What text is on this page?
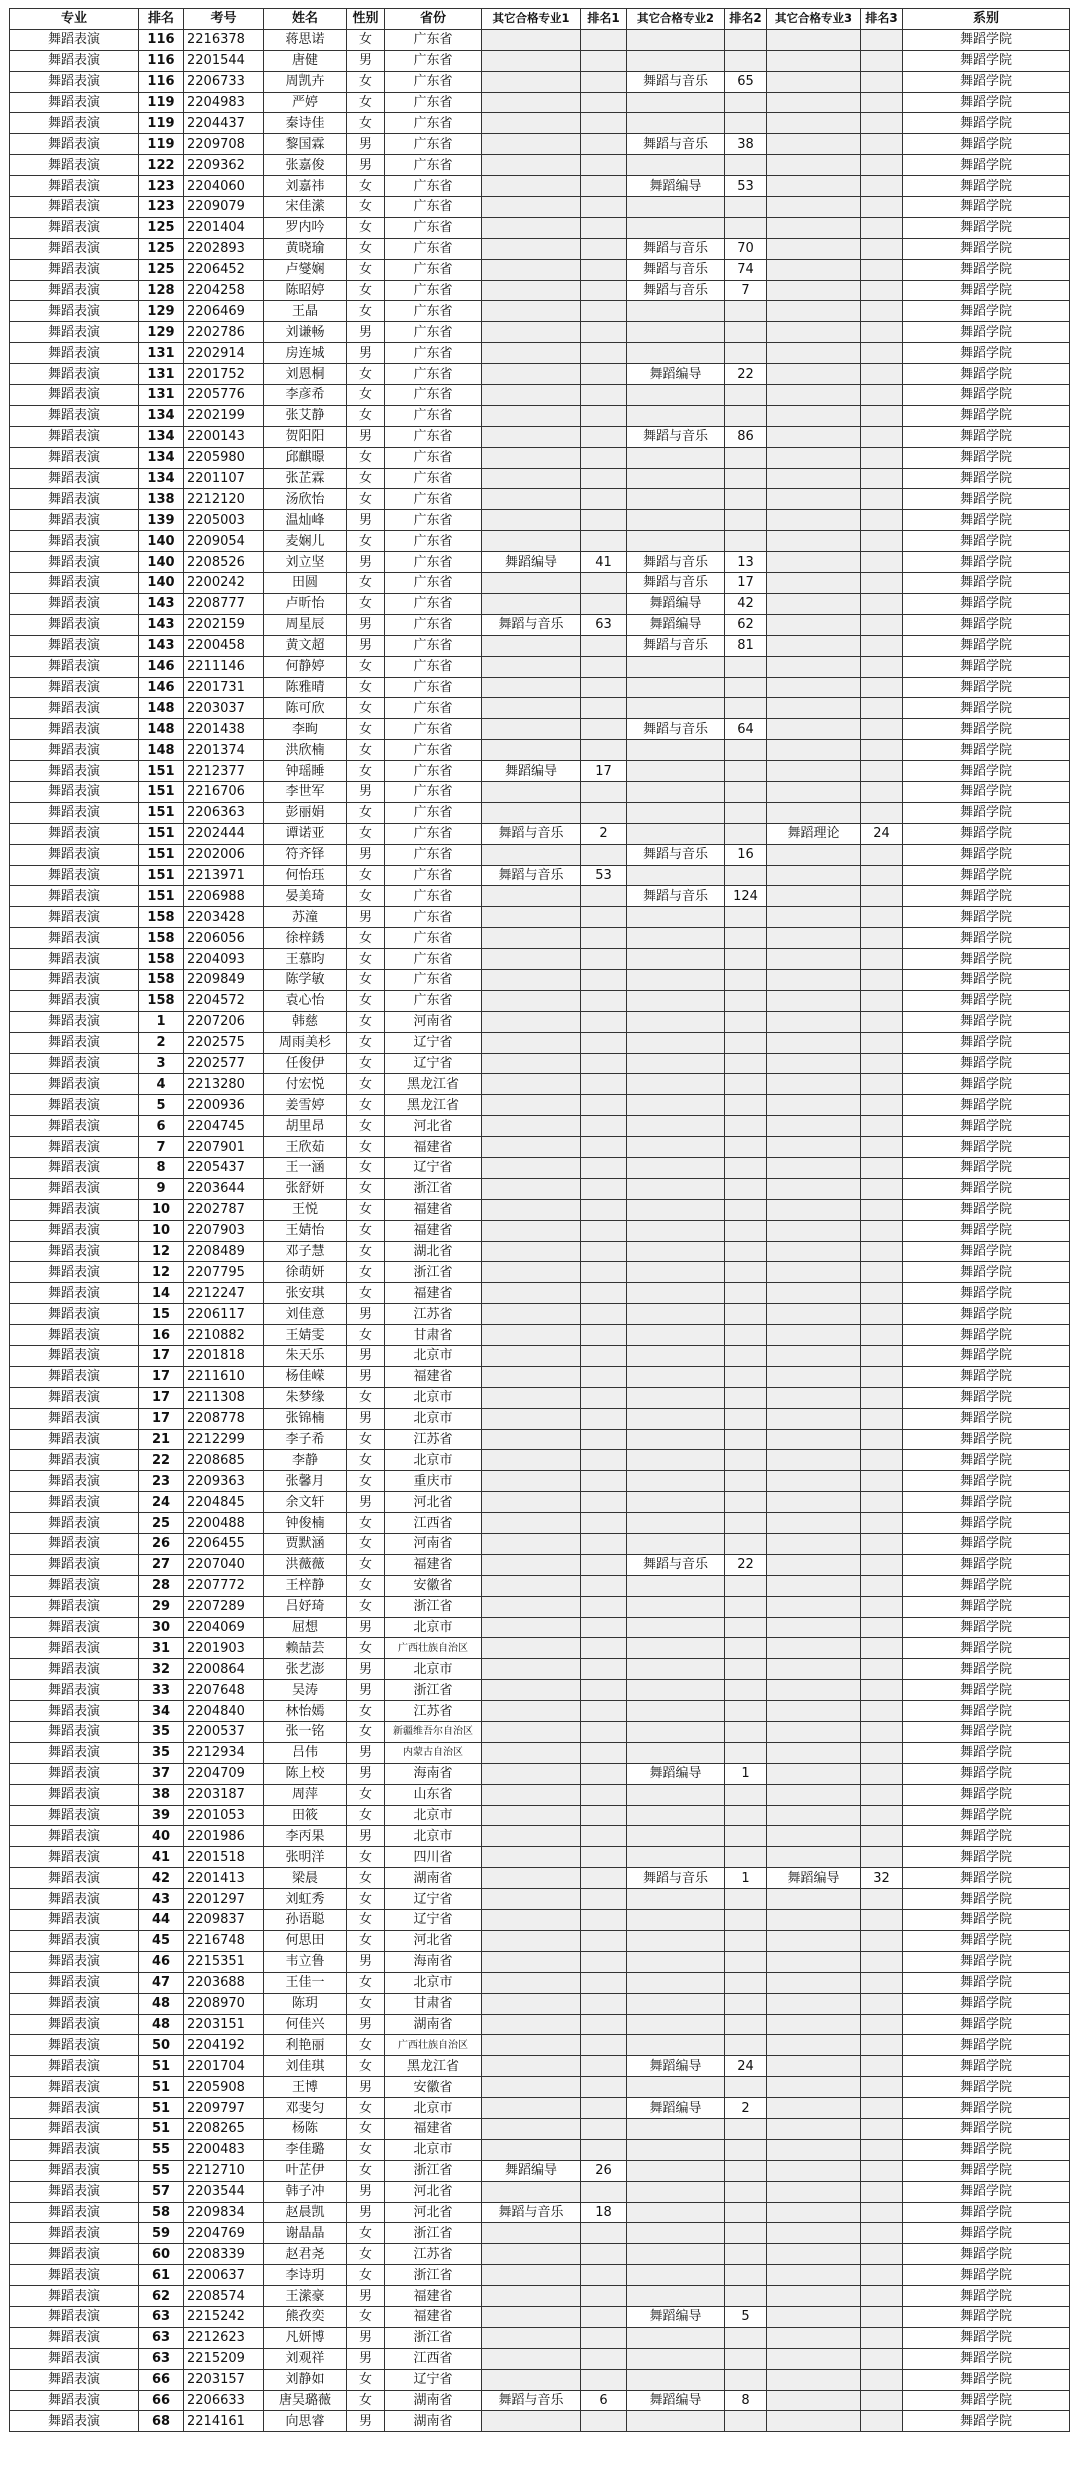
专业	排名	考号	姓名	性别	省份	其它合格专业1	排名1	其它合格专业2	排名2	其它合格专业3	排名3	系别
舞蹈表演	116	2216378	蒋思诺	女	广东省							舞蹈学院
舞蹈表演	116	2201544	唐健	男	广东省							舞蹈学院
舞蹈表演	116	2206733	周凯卉	女	广东省			舞蹈与音乐	65			舞蹈学院
舞蹈表演	119	2204983	严婷	女	广东省							舞蹈学院
舞蹈表演	119	2204437	秦诗佳	女	广东省							舞蹈学院
舞蹈表演	119	2209708	黎国霖	男	广东省			舞蹈与音乐	38			舞蹈学院
舞蹈表演	122	2209362	张嘉俊	男	广东省							舞蹈学院
舞蹈表演	123	2204060	刘嘉祎	女	广东省			舞蹈编导	53			舞蹈学院
舞蹈表演	123	2209079	宋佳潆	女	广东省							舞蹈学院
舞蹈表演	125	2201404	罗内吟	女	广东省							舞蹈学院
舞蹈表演	125	2202893	黄晓瑜	女	广东省			舞蹈与音乐	70			舞蹈学院
舞蹈表演	125	2206452	卢燮娴	女	广东省			舞蹈与音乐	74			舞蹈学院
舞蹈表演	128	2204258	陈昭婷	女	广东省			舞蹈与音乐	7			舞蹈学院
舞蹈表演	129	2206469	王晶	女	广东省							舞蹈学院
舞蹈表演	129	2202786	刘谦畅	男	广东省							舞蹈学院
舞蹈表演	131	2202914	房连城	男	广东省							舞蹈学院
舞蹈表演	131	2201752	刘恩桐	女	广东省			舞蹈编导	22			舞蹈学院
舞蹈表演	131	2205776	李彦希	女	广东省							舞蹈学院
舞蹈表演	134	2202199	张艾静	女	广东省							舞蹈学院
舞蹈表演	134	2200143	贺阳阳	男	广东省			舞蹈与音乐	86			舞蹈学院
舞蹈表演	134	2205980	邱麒暻	女	广东省							舞蹈学院
舞蹈表演	134	2201107	张芷霖	女	广东省							舞蹈学院
舞蹈表演	138	2212120	汤欣怡	女	广东省							舞蹈学院
舞蹈表演	139	2205003	温灿峰	男	广东省							舞蹈学院
舞蹈表演	140	2209054	麦娴儿	女	广东省							舞蹈学院
舞蹈表演	140	2208526	刘立坚	男	广东省	舞蹈编导	41	舞蹈与音乐	13			舞蹈学院
舞蹈表演	140	2200242	田圆	女	广东省			舞蹈与音乐	17			舞蹈学院
舞蹈表演	143	2208777	卢昕怡	女	广东省			舞蹈编导	42			舞蹈学院
舞蹈表演	143	2202159	周星辰	男	广东省	舞蹈与音乐	63	舞蹈编导	62			舞蹈学院
舞蹈表演	143	2200458	黄文超	男	广东省			舞蹈与音乐	81			舞蹈学院
舞蹈表演	146	2211146	何静婷	女	广东省							舞蹈学院
舞蹈表演	146	2201731	陈雅晴	女	广东省							舞蹈学院
舞蹈表演	148	2203037	陈可欣	女	广东省							舞蹈学院
舞蹈表演	148	2201438	李昫	女	广东省			舞蹈与音乐	64			舞蹈学院
舞蹈表演	148	2201374	洪欣楠	女	广东省							舞蹈学院
舞蹈表演	151	2212377	钟瑶睡	女	广东省	舞蹈编导	17					舞蹈学院
舞蹈表演	151	2216706	李世军	男	广东省							舞蹈学院
舞蹈表演	151	2206363	彭丽娟	女	广东省							舞蹈学院
舞蹈表演	151	2202444	谭诺亚	女	广东省	舞蹈与音乐	2			舞蹈理论	24	舞蹈学院
舞蹈表演	151	2202006	符齐铎	男	广东省			舞蹈与音乐	16			舞蹈学院
舞蹈表演	151	2213971	何怡珏	女	广东省	舞蹈与音乐	53					舞蹈学院
舞蹈表演	151	2206988	晏美琦	女	广东省			舞蹈与音乐	124			舞蹈学院
舞蹈表演	158	2203428	苏潼	男	广东省							舞蹈学院
舞蹈表演	158	2206056	徐梓銹	女	广东省							舞蹈学院
舞蹈表演	158	2204093	王慕昀	女	广东省							舞蹈学院
舞蹈表演	158	2209849	陈学敏	女	广东省							舞蹈学院
舞蹈表演	158	2204572	袁心怡	女	广东省							舞蹈学院
舞蹈表演	1	2207206	韩慈	女	河南省							舞蹈学院
舞蹈表演	2	2202575	周雨美杉	女	辽宁省							舞蹈学院
舞蹈表演	3	2202577	任俊伊	女	辽宁省							舞蹈学院
舞蹈表演	4	2213280	付宏悦	女	黑龙江省							舞蹈学院
舞蹈表演	5	2200936	姜雪婷	女	黑龙江省							舞蹈学院
舞蹈表演	6	2204745	胡里昂	女	河北省							舞蹈学院
舞蹈表演	7	2207901	王欣茹	女	福建省							舞蹈学院
舞蹈表演	8	2205437	王一涵	女	辽宁省							舞蹈学院
舞蹈表演	9	2203644	张舒妍	女	浙江省							舞蹈学院
舞蹈表演	10	2202787	王悦	女	福建省							舞蹈学院
舞蹈表演	10	2207903	王婧怡	女	福建省							舞蹈学院
舞蹈表演	12	2208489	邓子慧	女	湖北省							舞蹈学院
舞蹈表演	12	2207795	徐萌妍	女	浙江省							舞蹈学院
舞蹈表演	14	2212247	张安琪	女	福建省							舞蹈学院
舞蹈表演	15	2206117	刘佳意	男	江苏省							舞蹈学院
舞蹈表演	16	2210882	王婧雯	女	甘肃省							舞蹈学院
舞蹈表演	17	2201818	朱天乐	男	北京市							舞蹈学院
舞蹈表演	17	2211610	杨佳嵘	男	福建省							舞蹈学院
舞蹈表演	17	2211308	朱梦缘	女	北京市							舞蹈学院
舞蹈表演	17	2208778	张锦楠	男	北京市							舞蹈学院
舞蹈表演	21	2212299	李子希	女	江苏省							舞蹈学院
舞蹈表演	22	2208685	李静	女	北京市							舞蹈学院
舞蹈表演	23	2209363	张馨月	女	重庆市							舞蹈学院
舞蹈表演	24	2204845	余文轩	男	河北省							舞蹈学院
舞蹈表演	25	2200488	钟俊楠	女	江西省							舞蹈学院
舞蹈表演	26	2206455	贾默涵	女	河南省							舞蹈学院
舞蹈表演	27	2207040	洪薇薇	女	福建省			舞蹈与音乐	22			舞蹈学院
舞蹈表演	28	2207772	王梓静	女	安徽省							舞蹈学院
舞蹈表演	29	2207289	吕妤琦	女	浙江省							舞蹈学院
舞蹈表演	30	2204069	屈想	男	北京市							舞蹈学院
舞蹈表演	31	2201903	赖喆芸	女	广西壮族自治区							舞蹈学院
舞蹈表演	32	2200864	张艺澎	男	北京市							舞蹈学院
舞蹈表演	33	2207648	吴涛	男	浙江省							舞蹈学院
舞蹈表演	34	2204840	林怡嫣	女	江苏省							舞蹈学院
舞蹈表演	35	2200537	张一铭	女	新疆维吾尔自治区							舞蹈学院
舞蹈表演	35	2212934	吕伟	男	内蒙古自治区							舞蹈学院
舞蹈表演	37	2204709	陈上校	男	海南省			舞蹈编导	1			舞蹈学院
舞蹈表演	38	2203187	周萍	女	山东省							舞蹈学院
舞蹈表演	39	2201053	田筱	女	北京市							舞蹈学院
舞蹈表演	40	2201986	李丙果	男	北京市							舞蹈学院
舞蹈表演	41	2201518	张明洋	女	四川省							舞蹈学院
舞蹈表演	42	2201413	梁晨	女	湖南省			舞蹈与音乐	1	舞蹈编导	32	舞蹈学院
舞蹈表演	43	2201297	刘虹秀	女	辽宁省							舞蹈学院
舞蹈表演	44	2209837	孙语聪	女	辽宁省							舞蹈学院
舞蹈表演	45	2216748	何思田	女	河北省							舞蹈学院
舞蹈表演	46	2215351	韦立鲁	男	海南省							舞蹈学院
舞蹈表演	47	2203688	王佳一	女	北京市							舞蹈学院
舞蹈表演	48	2208970	陈玥	女	甘肃省							舞蹈学院
舞蹈表演	48	2203151	何佳兴	男	湖南省							舞蹈学院
舞蹈表演	50	2204192	利艳丽	女	广西壮族自治区							舞蹈学院
舞蹈表演	51	2201704	刘佳琪	女	黑龙江省			舞蹈编导	24			舞蹈学院
舞蹈表演	51	2205908	王博	男	安徽省							舞蹈学院
舞蹈表演	51	2209797	邓斐匀	女	北京市			舞蹈编导	2			舞蹈学院
舞蹈表演	51	2208265	杨陈	女	福建省							舞蹈学院
舞蹈表演	55	2200483	李佳璐	女	北京市							舞蹈学院
舞蹈表演	55	2212710	叶芷伊	女	浙江省	舞蹈编导	26					舞蹈学院
舞蹈表演	57	2203544	韩子冲	男	河北省							舞蹈学院
舞蹈表演	58	2209834	赵晨凯	男	河北省	舞蹈与音乐	18					舞蹈学院
舞蹈表演	59	2204769	谢晶晶	女	浙江省							舞蹈学院
舞蹈表演	60	2208339	赵君尧	女	江苏省							舞蹈学院
舞蹈表演	61	2200637	李诗玥	女	浙江省							舞蹈学院
舞蹈表演	62	2208574	王潆豪	男	福建省							舞蹈学院
舞蹈表演	63	2215242	熊孜奕	女	福建省			舞蹈编导	5			舞蹈学院
舞蹈表演	63	2212623	凡妍博	男	浙江省							舞蹈学院
舞蹈表演	63	2215209	刘观祥	男	江西省							舞蹈学院
舞蹈表演	66	2203157	刘静如	女	辽宁省							舞蹈学院
舞蹈表演	66	2206633	唐吴璐薇	女	湖南省	舞蹈与音乐	6	舞蹈编导	8			舞蹈学院
舞蹈表演	68	2214161	向思睿	男	湖南省							舞蹈学院
